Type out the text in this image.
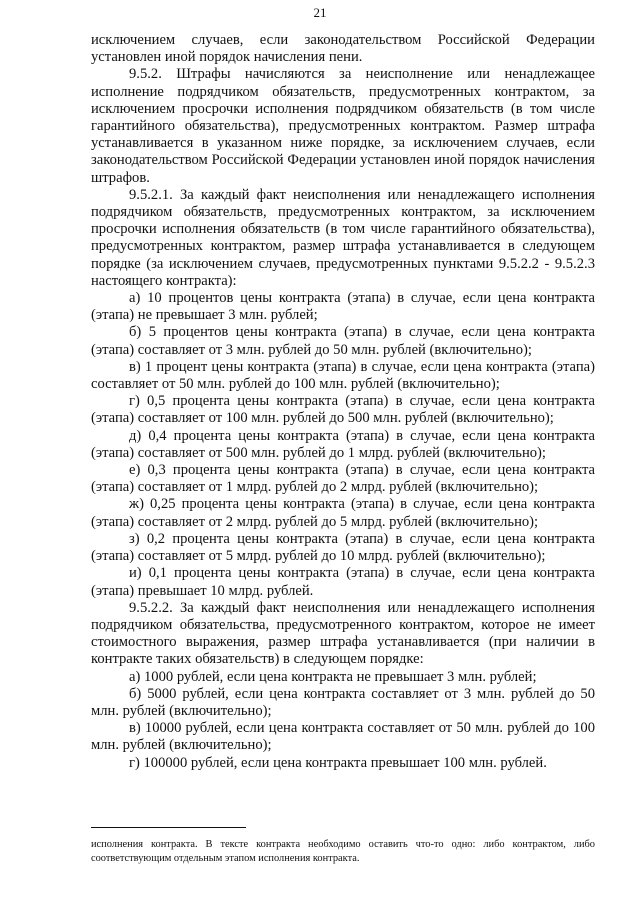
21

исключением случаев, если законодательством Российской Федерации установлен иной порядок начисления пени.

9.5.2. Штрафы начисляются за неисполнение или ненадлежащее исполнение подрядчиком обязательств, предусмотренных контрактом, за исключением просрочки исполнения подрядчиком обязательств (в том числе гарантийного обязательства), предусмотренных контрактом. Размер штрафа устанавливается в указанном ниже порядке, за исключением случаев, если законодательством Российской Федерации установлен иной порядок начисления штрафов.

9.5.2.1. За каждый факт неисполнения или ненадлежащего исполнения подрядчиком обязательств, предусмотренных контрактом, за исключением просрочки исполнения обязательств (в том числе гарантийного обязательства), предусмотренных контрактом, размер штрафа устанавливается в следующем порядке (за исключением случаев, предусмотренных пунктами 9.5.2.2 - 9.5.2.3 настоящего контракта):

а) 10 процентов цены контракта (этапа) в случае, если цена контракта (этапа) не превышает 3 млн. рублей;

б) 5 процентов цены контракта (этапа) в случае, если цена контракта (этапа) составляет от 3 млн. рублей до 50 млн. рублей (включительно);

в) 1 процент цены контракта (этапа) в случае, если цена контракта (этапа) составляет от 50 млн. рублей до 100 млн. рублей (включительно);

г) 0,5 процента цены контракта (этапа) в случае, если цена контракта (этапа) составляет от 100 млн. рублей до 500 млн. рублей (включительно);

д) 0,4 процента цены контракта (этапа) в случае, если цена контракта (этапа) составляет от 500 млн. рублей до 1 млрд. рублей (включительно);

е) 0,3 процента цены контракта (этапа) в случае, если цена контракта (этапа) составляет от 1 млрд. рублей до 2 млрд. рублей (включительно);

ж) 0,25 процента цены контракта (этапа) в случае, если цена контракта (этапа) составляет от 2 млрд. рублей до 5 млрд. рублей (включительно);

з) 0,2 процента цены контракта (этапа) в случае, если цена контракта (этапа) составляет от 5 млрд. рублей до 10 млрд. рублей (включительно);

и) 0,1 процента цены контракта (этапа) в случае, если цена контракта (этапа) превышает 10 млрд. рублей.

9.5.2.2. За каждый факт неисполнения или ненадлежащего исполнения подрядчиком обязательства, предусмотренного контрактом, которое не имеет стоимостного выражения, размер штрафа устанавливается (при наличии в контракте таких обязательств) в следующем порядке:

а) 1000 рублей, если цена контракта не превышает 3 млн. рублей;

б) 5000 рублей, если цена контракта составляет от 3 млн. рублей до 50 млн. рублей (включительно);

в) 10000 рублей, если цена контракта составляет от 50 млн. рублей до 100 млн. рублей (включительно);

г) 100000 рублей, если цена контракта превышает 100 млн. рублей.

исполнения контракта. В тексте контракта необходимо оставить что-то одно: либо контрактом, либо соответствующим отдельным этапом исполнения контракта.
